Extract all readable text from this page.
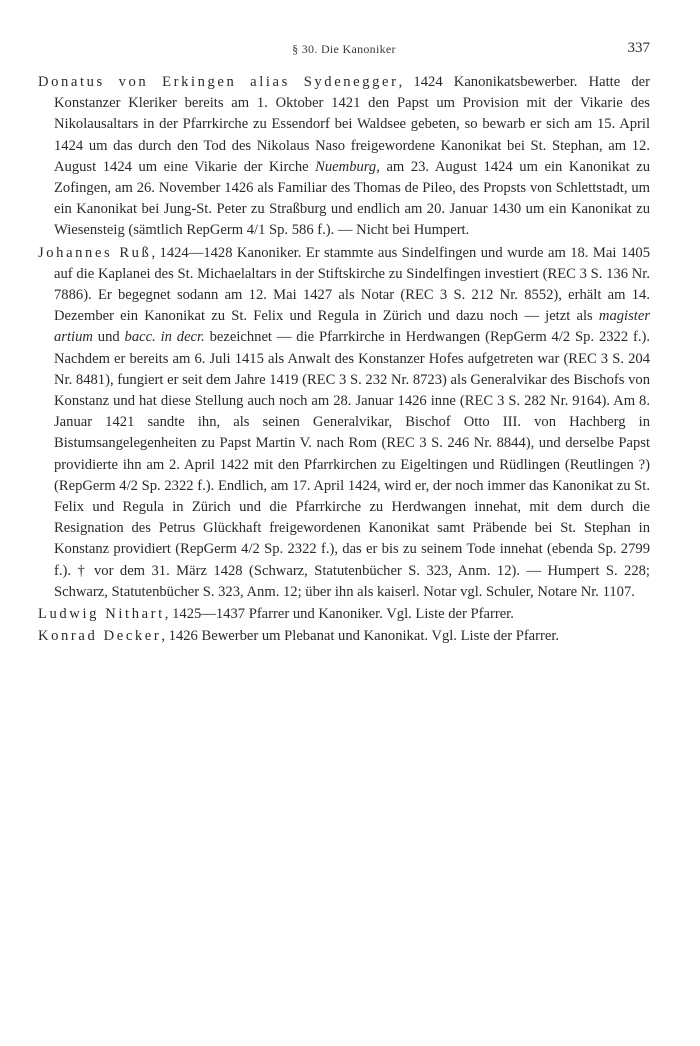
§ 30. Die Kanoniker	337

Donatus von Erkingen alias Sydenegger, 1424 Kanonikatsbewerber. Hatte der Konstanzer Kleriker bereits am 1. Oktober 1421 den Papst um Provision mit der Vikarie des Nikolausaltars in der Pfarrkirche zu Essendorf bei Waldsee gebeten, so bewarb er sich am 15. April 1424 um das durch den Tod des Nikolaus Naso freigewordene Kanonikat bei St. Stephan, am 12. August 1424 um eine Vikarie der Kirche Nuemburg, am 23. August 1424 um ein Kanonikat zu Zofingen, am 26. November 1426 als Familiar des Thomas de Pileo, des Propsts von Schlettstadt, um ein Kanonikat bei Jung-St. Peter zu Straßburg und endlich am 20. Januar 1430 um ein Kanonikat zu Wiesensteig (sämtlich RepGerm 4/1 Sp. 586 f.). — Nicht bei Humpert.

Johannes Ruß, 1424—1428 Kanoniker. Er stammte aus Sindelfingen und wurde am 18. Mai 1405 auf die Kaplanei des St. Michaelaltars in der Stiftskirche zu Sindelfingen investiert (REC 3 S. 136 Nr. 7886). Er begegnet sodann am 12. Mai 1427 als Notar (REC 3 S. 212 Nr. 8552), erhält am 14. Dezember ein Kanonikat zu St. Felix und Regula in Zürich und dazu noch — jetzt als magister artium und bacc. in decr. bezeichnet — die Pfarrkirche in Herdwangen (RepGerm 4/2 Sp. 2322 f.). Nachdem er bereits am 6. Juli 1415 als Anwalt des Konstanzer Hofes aufgetreten war (REC 3 S. 204 Nr. 8481), fungiert er seit dem Jahre 1419 (REC 3 S. 232 Nr. 8723) als Generalvikar des Bischofs von Konstanz und hat diese Stellung auch noch am 28. Januar 1426 inne (REC 3 S. 282 Nr. 9164). Am 8. Januar 1421 sandte ihn, als seinen Generalvikar, Bischof Otto III. von Hachberg in Bistumsangelegenheiten zu Papst Martin V. nach Rom (REC 3 S. 246 Nr. 8844), und derselbe Papst providierte ihn am 2. April 1422 mit den Pfarrkirchen zu Eigeltingen und Rüdlingen (Reutlingen ?) (RepGerm 4/2 Sp. 2322 f.). Endlich, am 17. April 1424, wird er, der noch immer das Kanonikat zu St. Felix und Regula in Zürich und die Pfarrkirche zu Herdwangen innehat, mit dem durch die Resignation des Petrus Glückhaft freigewordenen Kanonikat samt Präbende bei St. Stephan in Konstanz providiert (RepGerm 4/2 Sp. 2322 f.), das er bis zu seinem Tode innehat (ebenda Sp. 2799 f.). † vor dem 31. März 1428 (Schwarz, Statutenbücher S. 323, Anm. 12). — Humpert S. 228; Schwarz, Statutenbücher S. 323, Anm. 12; über ihn als kaiserl. Notar vgl. Schuler, Notare Nr. 1107.

Ludwig Nithart, 1425—1437 Pfarrer und Kanoniker. Vgl. Liste der Pfarrer.

Konrad Decker, 1426 Bewerber um Plebanat und Kanonikat. Vgl. Liste der Pfarrer.
